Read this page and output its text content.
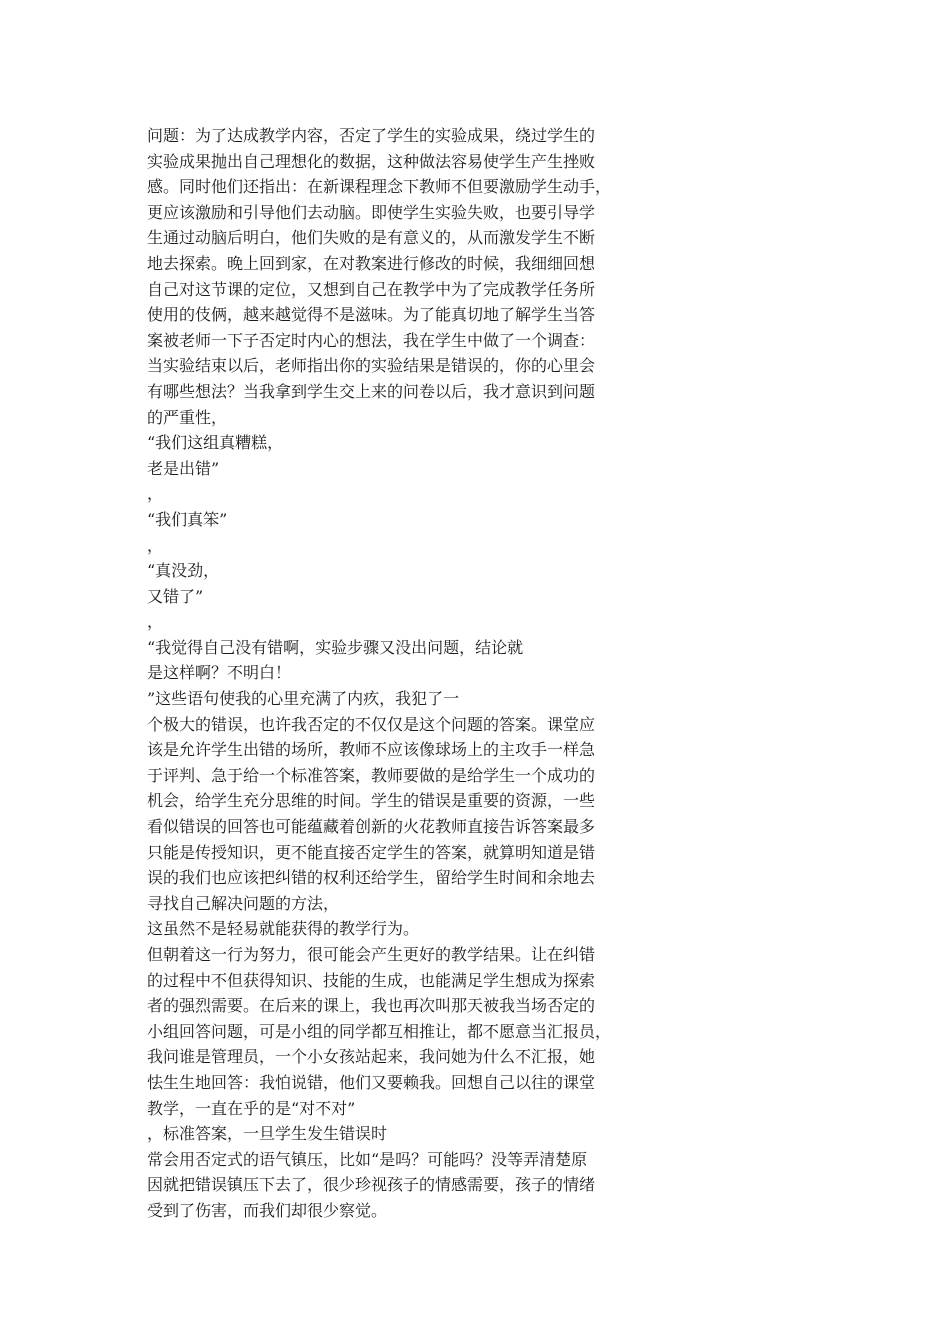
问题：为了达成教学内容，否定了学生的实验成果，绕过学生的
实验成果抛出自己理想化的数据，这种做法容易使学生产生挫败
感。同时他们还指出：在新课程理念下教师不但要激励学生动手，
更应该激励和引导他们去动脑。即使学生实验失败，也要引导学
生通过动脑后明白，他们失败的是有意义的，从而激发学生不断
地去探索。晚上回到家，在对教案进行修改的时候，我细细回想
自己对这节课的定位，又想到自己在教学中为了完成教学任务所
使用的伎俩，越来越觉得不是滋味。为了能真切地了解学生当答
案被老师一下子否定时内心的想法，我在学生中做了一个调查：
当实验结束以后，老师指出你的实验结果是错误的，你的心里会
有哪些想法？当我拿到学生交上来的问卷以后，我才意识到问题
的严重性，
“我们这组真糟糕，
老是出错”
，
“我们真笨”
，
“真没劲，
又错了”
，
“我觉得自己没有错啊，实验步骤又没出问题，结论就
是这样啊？不明白！
”这些语句使我的心里充满了内疚，我犯了一
个极大的错误，也许我否定的不仅仅是这个问题的答案。课堂应
该是允许学生出错的场所，教师不应该像球场上的主攻手一样急
于评判、急于给一个标准答案，教师要做的是给学生一个成功的
机会，给学生充分思维的时间。学生的错误是重要的资源，一些
看似错误的回答也可能蕴藏着创新的火花教师直接告诉答案最多
只能是传授知识，更不能直接否定学生的答案，就算明知道是错
误的我们也应该把纠错的权利还给学生，留给学生时间和余地去
寻找自己解决问题的方法，
这虽然不是轻易就能获得的教学行为。
但朝着这一行为努力，很可能会产生更好的教学结果。让在纠错
的过程中不但获得知识、技能的生成，也能满足学生想成为探索
者的强烈需要。在后来的课上，我也再次叫那天被我当场否定的
小组回答问题，可是小组的同学都互相推让，都不愿意当汇报员，
我问谁是管理员，一个小女孩站起来，我问她为什么不汇报，她
怯生生地回答：我怕说错，他们又要赖我。回想自己以往的课堂
教学，一直在乎的是“对不对”
，标准答案，一旦学生发生错误时
常会用否定式的语气镇压，比如“是吗？可能吗？没等弄清楚原
因就把错误镇压下去了，很少珍视孩子的情感需要，孩子的情绪
受到了伤害，而我们却很少察觉。
